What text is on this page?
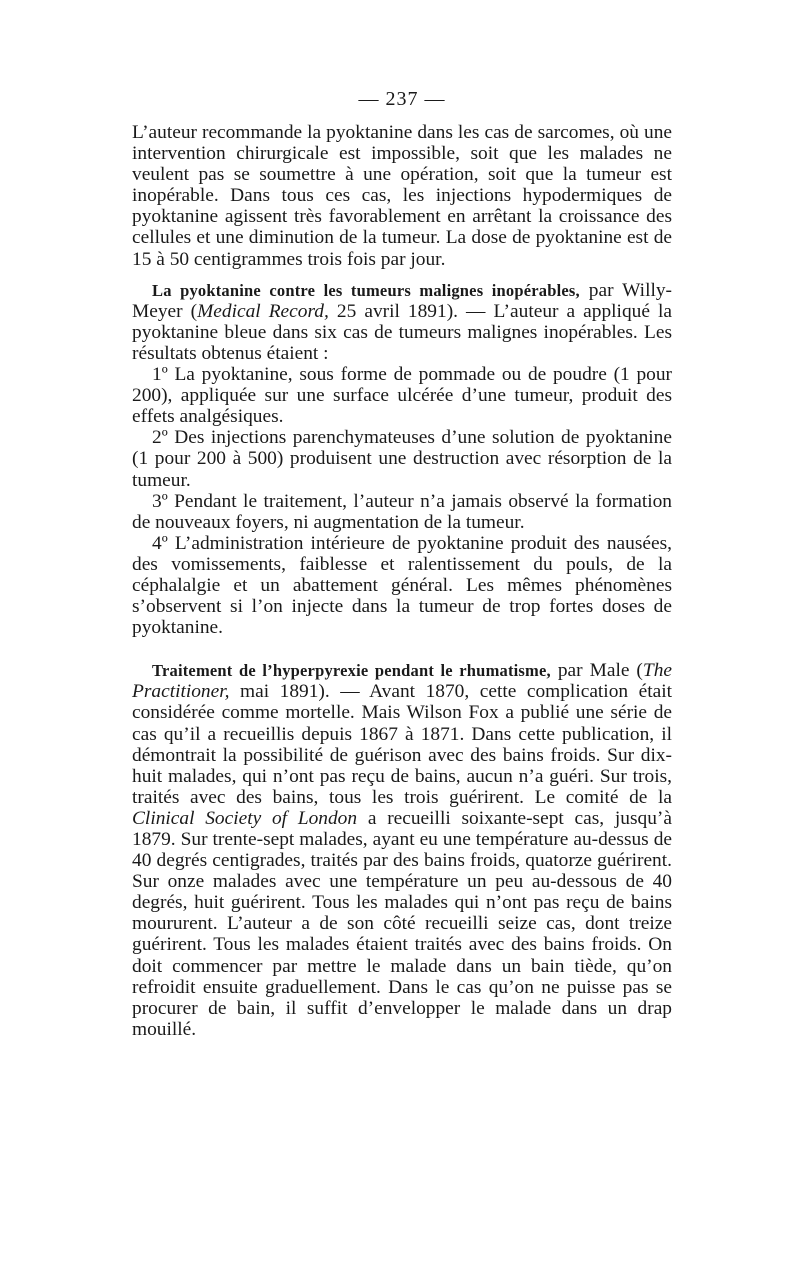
— 237 —

L’auteur recommande la pyoktanine dans les cas de sarcomes, où une intervention chirurgicale est impossible, soit que les malades ne veulent pas se soumettre à une opération, soit que la tumeur est inopérable. Dans tous ces cas, les injections hypodermiques de pyoktanine agissent très favorablement en arrêtant la croissance des cellules et une diminution de la tumeur. La dose de pyoktanine est de 15 à 50 centigrammes trois fois par jour.

La pyoktanine contre les tumeurs malignes inopérables, par Willy-Meyer (Medical Record, 25 avril 1891). — L’auteur a appliqué la pyoktanine bleue dans six cas de tumeurs malignes inopérables. Les résultats obtenus étaient :

1º La pyoktanine, sous forme de pommade ou de poudre (1 pour 200), appliquée sur une surface ulcérée d’une tumeur, produit des effets analgésiques.

2º Des injections parenchymateuses d’une solution de pyoktanine (1 pour 200 à 500) produisent une destruction avec résorption de la tumeur.

3º Pendant le traitement, l’auteur n’a jamais observé la formation de nouveaux foyers, ni augmentation de la tumeur.

4º L’administration intérieure de pyoktanine produit des nausées, des vomissements, faiblesse et ralentissement du pouls, de la céphalalgie et un abattement général. Les mêmes phénomènes s’observent si l’on injecte dans la tumeur de trop fortes doses de pyoktanine.

Traitement de l’hyperpyrexie pendant le rhumatisme, par Male (The Practitioner, mai 1891). — Avant 1870, cette complication était considérée comme mortelle. Mais Wilson Fox a publié une série de cas qu’il a recueillis depuis 1867 à 1871. Dans cette publication, il démontrait la possibilité de guérison avec des bains froids. Sur dix-huit malades, qui n’ont pas reçu de bains, aucun n’a guéri. Sur trois, traités avec des bains, tous les trois guérirent. Le comité de la Clinical Society of London a recueilli soixante-sept cas, jusqu’à 1879. Sur trente-sept malades, ayant eu une température au-dessus de 40 degrés centigrades, traités par des bains froids, quatorze guérirent. Sur onze malades avec une température un peu au-dessous de 40 degrés, huit guérirent. Tous les malades qui n’ont pas reçu de bains moururent. L’auteur a de son côté recueilli seize cas, dont treize guérirent. Tous les malades étaient traités avec des bains froids. On doit commencer par mettre le malade dans un bain tiède, qu’on refroidit ensuite graduellement. Dans le cas qu’on ne puisse pas se procurer de bain, il suffit d’envelopper le malade dans un drap mouillé.
